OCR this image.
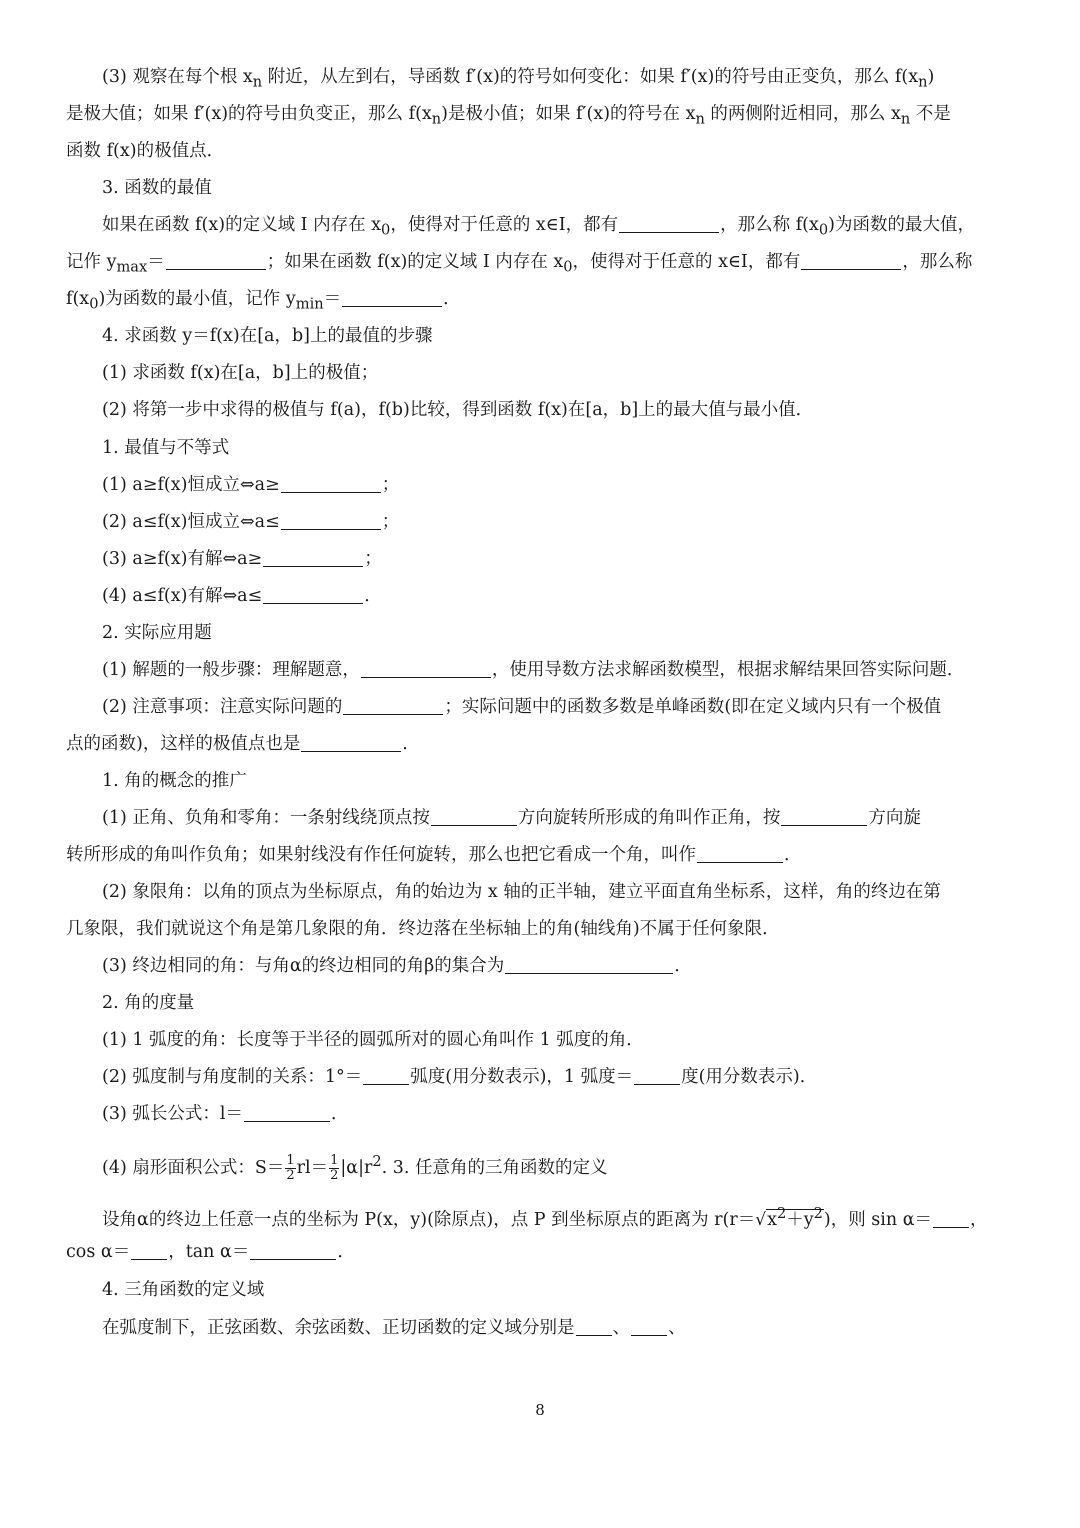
(3) 观察在每个根 $x_n$ 附近，从左到右，导函数 f′(x)的符号如何变化：如果 f′(x)的符号由正变负，那么 $f(x_n)$
是极大值；如果 f′(x)的符号由负变正，那么 $f(x_n)$是极小值；如果 f′(x)的符号在 $x_n$ 的两侧附近相同，那么 $x_n$ 不是
函数 f(x)的极值点．
3. 函数的最值
如果在函数 f(x)的定义域 I 内存在 $x_0$，使得对于任意的 x∈I，都有	，那么称 $f(x_0)$为函数的最大值，
记作 $y_{max}=$	；如果在函数 f(x)的定义域 I 内存在 $x_0$，使得对于任意的 x∈I，都有	，那么称
$f(x_0)$为函数的最小值，记作 $y_{min}=$	．
4. 求函数 y＝f(x)在[a，b]上的最值的步骤
(1) 求函数 f(x)在[a，b]上的极值；
(2) 将第一步中求得的极值与 f(a)，f(b)比较，得到函数 f(x)在[a，b]上的最大值与最小值．
1. 最值与不等式
(1) a≥f(x)恒成立⇔a≥	；
(2) a≤f(x)恒成立⇔a≤	；
(3) a≥f(x)有解⇔a≥	；
(4) a≤f(x)有解⇔a≤	．
2. 实际应用题
(1) 解题的一般步骤：理解题意，	，使用导数方法求解函数模型，根据求解结果回答实际问题．
(2) 注意事项：注意实际问题的	；实际问题中的函数多数是单峰函数(即在定义域内只有一个极值
点的函数)，这样的极值点也是	．
1. 角的概念的推广
(1) 正角、负角和零角：一条射线绕顶点按	方向旋转所形成的角叫作正角，按	方向旋
转所形成的角叫作负角；如果射线没有作任何旋转，那么也把它看成一个角，叫作	．
(2) 象限角：以角的顶点为坐标原点，角的始边为 x 轴的正半轴，建立平面直角坐标系，这样，角的终边在第
几象限，我们就说这个角是第几象限的角．终边落在坐标轴上的角(轴线角)不属于任何象限．
(3) 终边相同的角：与角α的终边相同的角β的集合为	．
2. 角的度量
(1) 1 弧度的角：长度等于半径的圆弧所对的圆心角叫作 1 弧度的角．
(2) 弧度制与角度制的关系：1°＝	弧度(用分数表示)，1 弧度＝	度(用分数表示)．
(3) 弧长公式：l＝	．
(4) 扇形面积公式：$S= \frac{1}{2} rl= \frac{1}{2} |\alpha|r^2$. 3. 任意角的三角函数的定义
设角α的终边上任意一点的坐标为 P(x，y)(除原点)，点 P 到坐标原点的距离为 $r(r=√x^2+y^2)$，则 sin α＝ ，
cos α＝ ，tan α＝	．
4. 三角函数的定义域
在弧度制下，正弦函数、余弦函数、正切函数的定义域分别是 、 、
8
